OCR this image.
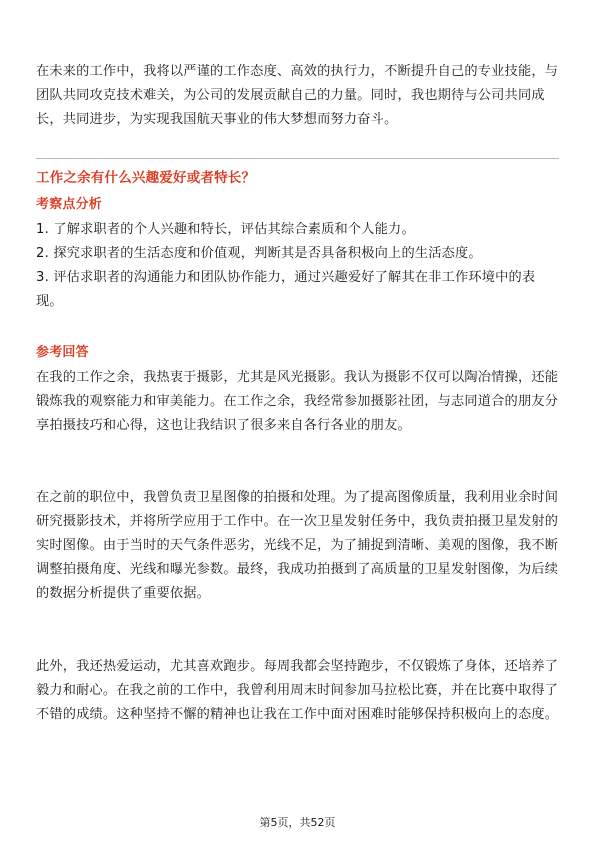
在未来的工作中，我将以严谨的工作态度、高效的执行力，不断提升自己的专业技能，与团队共同攻克技术难关，为公司的发展贡献自己的力量。同时，我也期待与公司共同成长，共同进步，为实现我国航天事业的伟大梦想而努力奋斗。

工作之余有什么兴趣爱好或者特长？
考察点分析

1. 了解求职者的个人兴趣和特长，评估其综合素质和个人能力。

2. 探究求职者的生活态度和价值观，判断其是否具备积极向上的生活态度。

3. 评估求职者的沟通能力和团队协作能力，通过兴趣爱好了解其在非工作环境中的表现。

参考回答

在我的工作之余，我热衷于摄影，尤其是风光摄影。我认为摄影不仅可以陶冶情操，还能锻炼我的观察能力和审美能力。在工作之余，我经常参加摄影社团，与志同道合的朋友分享拍摄技巧和心得，这也让我结识了很多来自各行各业的朋友。

在之前的职位中，我曾负责卫星图像的拍摄和处理。为了提高图像质量，我利用业余时间研究摄影技术，并将所学应用于工作中。在一次卫星发射任务中，我负责拍摄卫星发射的实时图像。由于当时的天气条件恶劣，光线不足，为了捕捉到清晰、美观的图像，我不断调整拍摄角度、光线和曝光参数。最终，我成功拍摄到了高质量的卫星发射图像，为后续的数据分析提供了重要依据。

此外，我还热爱运动，尤其喜欢跑步。每周我都会坚持跑步，不仅锻炼了身体，还培养了毅力和耐心。在我之前的工作中，我曾利用周末时间参加马拉松比赛，并在比赛中取得了不错的成绩。这种坚持不懈的精神也让我在工作中面对困难时能够保持积极向上的态度。

第5页，共52页
